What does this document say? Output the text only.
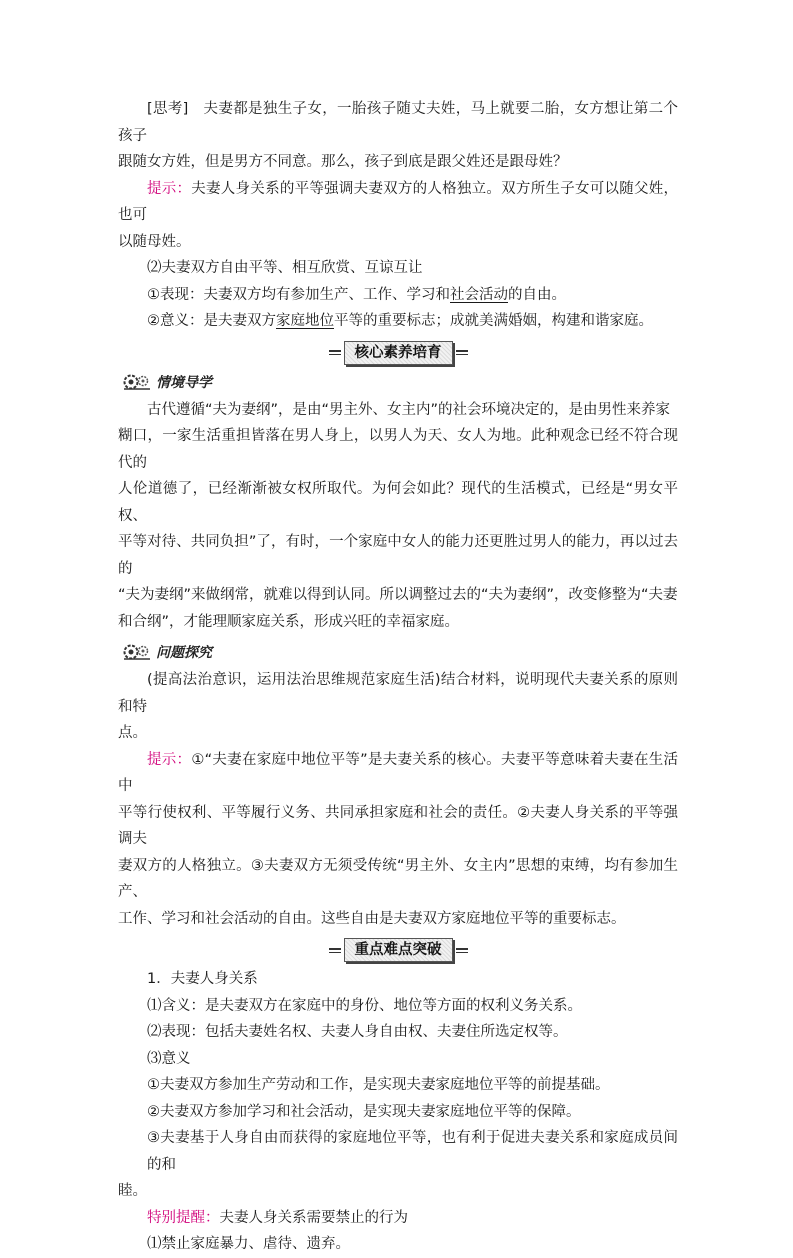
[思考]　 夫妻都是独生子女，一胎孩子随丈夫姓，马上就要二胎，女方想让第二个孩子

跟随女方姓，但是男方不同意。那么，孩子到底是跟父姓还是跟母姓？

提示：夫妻人身关系的平等强调夫妻双方的人格独立。双方所生子女可以随父姓，也可

以随母姓。

⑵夫妻双方自由平等、相互欣赏、互谅互让

①表现：夫妻双方均有参加生产、工作、学习和社会活动的自由。

②意义：是夫妻双方家庭地位平等的重要标志；成就美满婚姻，构建和谐家庭。

核心素养培育
情境导学

古代遵循“夫为妻纲”，是由“男主外、女主内”的社会环境决定的，是由男性来养家

糊口，一家生活重担皆落在男人身上，以男人为天、女人为地。此种观念已经不符合现代的

人伦道德了，已经渐渐被女权所取代。为何会如此？现代的生活模式，已经是“男女平权、

平等对待、共同负担”了，有时，一个家庭中女人的能力还更胜过男人的能力，再以过去的

“夫为妻纲”来做纲常，就难以得到认同。所以调整过去的“夫为妻纲”，改变修整为“夫妻

和合纲”，才能理顺家庭关系，形成兴旺的幸福家庭。

问题探究

(提高法治意识，运用法治思维规范家庭生活)结合材料，说明现代夫妻关系的原则和特

点。

提示：①“夫妻在家庭中地位平等”是夫妻关系的核心。夫妻平等意味着夫妻在生活中

平等行使权利、平等履行义务、共同承担家庭和社会的责任。②夫妻人身关系的平等强调夫

妻双方的人格独立。③夫妻双方无须受传统“男主外、女主内”思想的束缚，均有参加生产、

工作、学习和社会活动的自由。这些自由是夫妻双方家庭地位平等的重要标志。

重点难点突破

1．夫妻人身关系

⑴含义：是夫妻双方在家庭中的身份、地位等方面的权利义务关系。

⑵表现：包括夫妻姓名权、夫妻人身自由权、夫妻住所选定权等。

⑶意义

①夫妻双方参加生产劳动和工作，是实现夫妻家庭地位平等的前提基础。

②夫妻双方参加学习和社会活动，是实现夫妻家庭地位平等的保障。

③夫妻基于人身自由而获得的家庭地位平等，也有利于促进夫妻关系和家庭成员间的和

睦。

特别提醒：夫妻人身关系需要禁止的行为

⑴禁止家庭暴力、虐待、遗弃。
